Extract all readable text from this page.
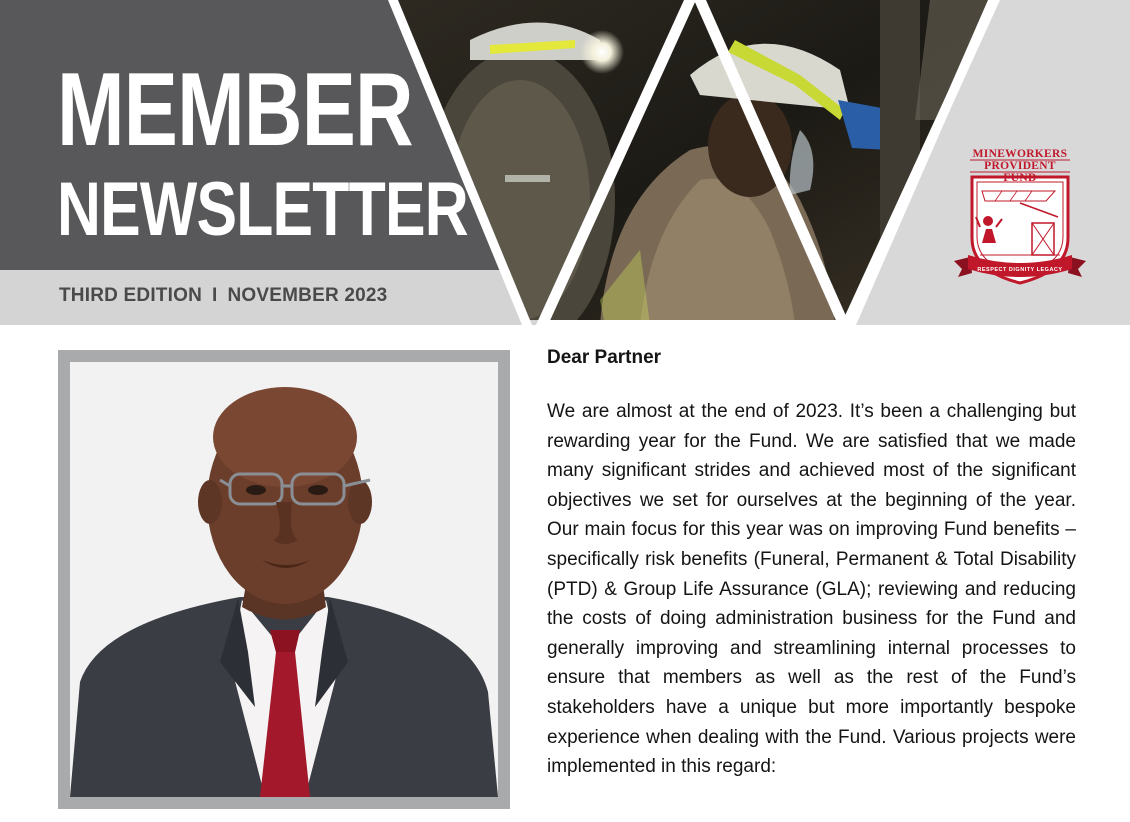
MEMBER
NEWSLETTER
THIRD EDITION I NOVEMBER 2023
MINEWORKERS
PROVIDENT FUND
RESPECT DIGNITY LEGACY

Dear Partner

We are almost at the end of 2023. It’s been a challenging but rewarding year for the Fund. We are satisfied that we made many significant strides and achieved most of the significant objectives we set for ourselves at the beginning of the year. Our main focus for this year was on improving Fund benefits – specifically risk benefits (Funeral, Permanent & Total Disability (PTD) & Group Life Assurance (GLA); reviewing and reducing the costs of doing administration business for the Fund and generally improving and streamlining internal processes to ensure that members as well as the rest of the Fund’s stakeholders have a unique but more importantly bespoke experience when dealing with the Fund. Various projects were implemented in this regard:
